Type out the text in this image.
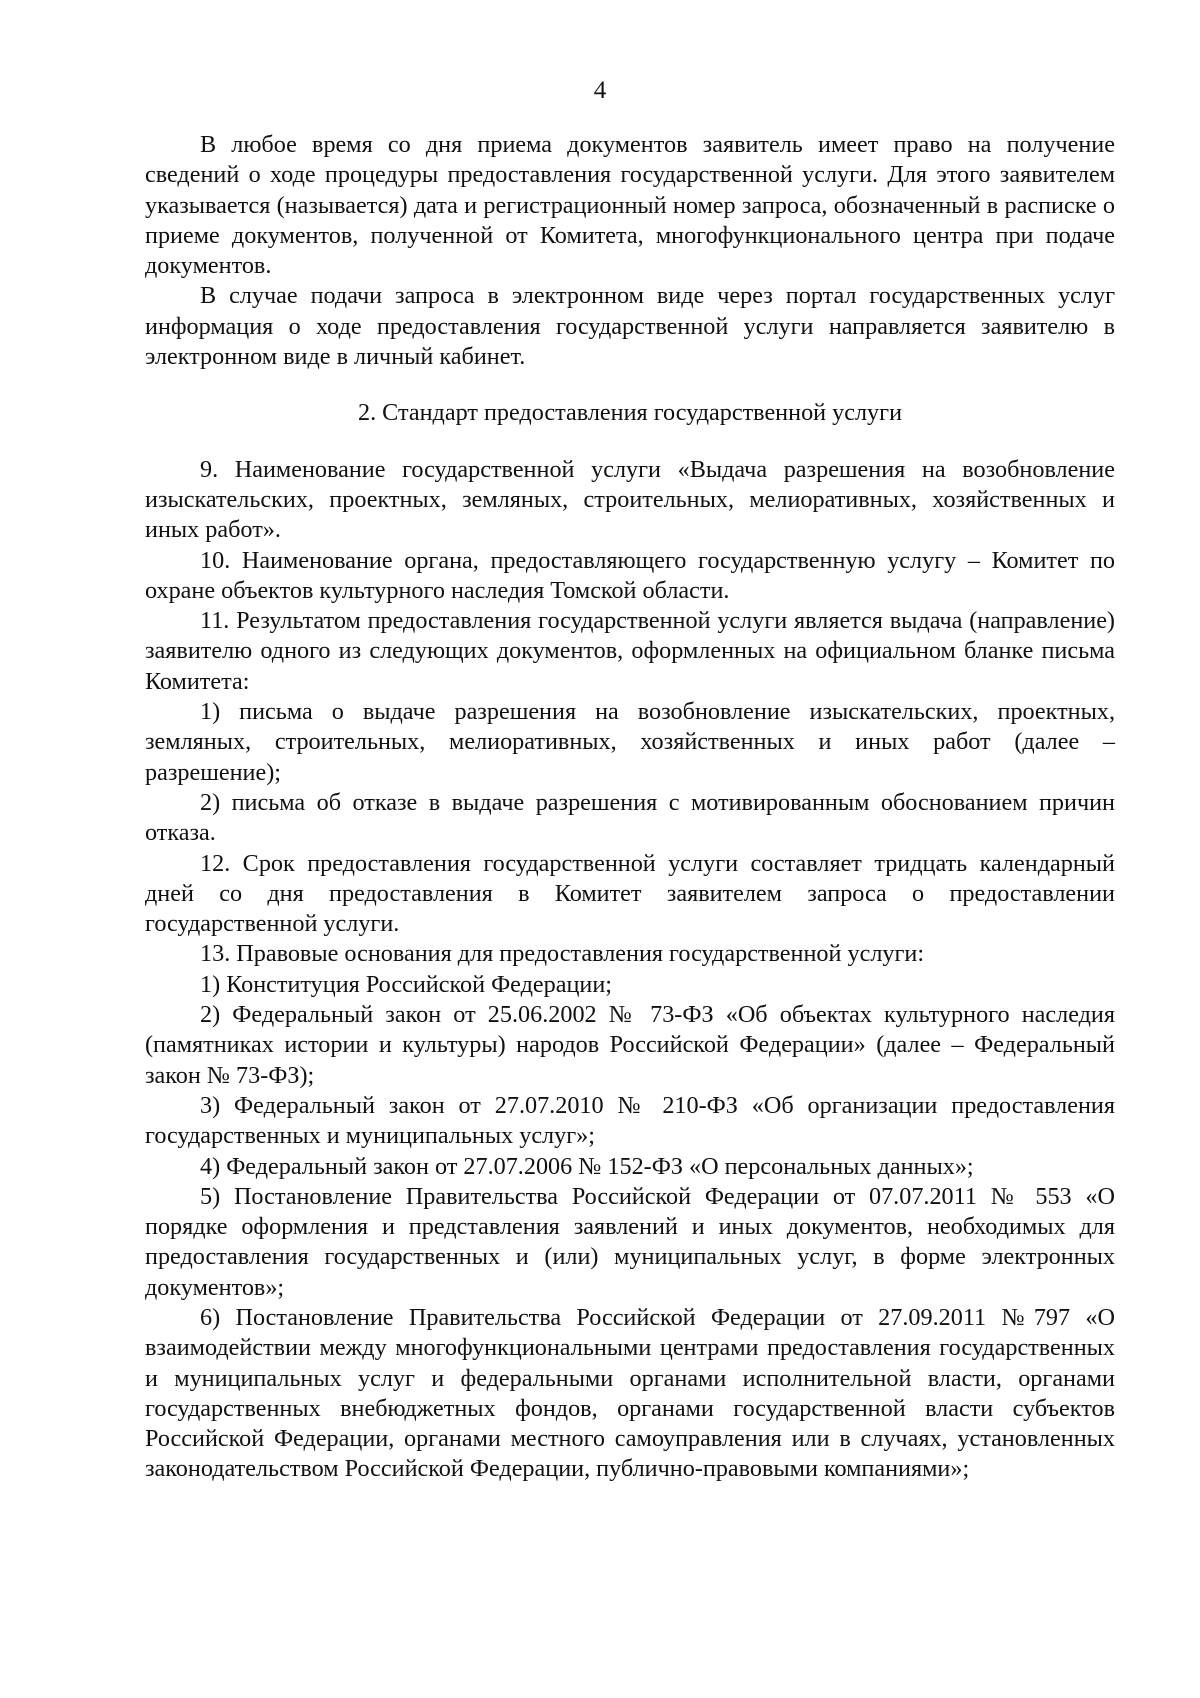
4

В любое время со дня приема документов заявитель имеет право на получение сведений о ходе процедуры предоставления государственной услуги. Для этого заявителем указывается (называется) дата и регистрационный номер запроса, обозначенный в расписке о приеме документов, полученной от Комитета, многофункционального центра при подаче документов.

В случае подачи запроса в электронном виде через портал государственных услуг информация о ходе предоставления государственной услуги направляется заявителю в электронном виде в личный кабинет.

2. Стандарт предоставления государственной услуги

9. Наименование государственной услуги «Выдача разрешения на возобновление изыскательских, проектных, земляных, строительных, мелиоративных, хозяйственных и иных работ».

10. Наименование органа, предоставляющего государственную услугу – Комитет по охране объектов культурного наследия Томской области.

11. Результатом предоставления государственной услуги является выдача (направление) заявителю одного из следующих документов, оформленных на официальном бланке письма Комитета:

1) письма о выдаче разрешения на возобновление изыскательских, проектных, земляных, строительных, мелиоративных, хозяйственных и иных работ (далее – разрешение);

2) письма об отказе в выдаче разрешения с мотивированным обоснованием причин отказа.

12. Срок предоставления государственной услуги составляет тридцать календарный дней со дня предоставления в Комитет заявителем запроса о предоставлении государственной услуги.

13. Правовые основания для предоставления государственной услуги:

1) Конституция Российской Федерации;

2) Федеральный закон от 25.06.2002 № 73-ФЗ «Об объектах культурного наследия (памятниках истории и культуры) народов Российской Федерации» (далее – Федеральный закон № 73-ФЗ);

3) Федеральный закон от 27.07.2010 № 210-ФЗ «Об организации предоставления государственных и муниципальных услуг»;

4) Федеральный закон от 27.07.2006 № 152-ФЗ «О персональных данных»;

5) Постановление Правительства Российской Федерации от 07.07.2011 № 553 «О порядке оформления и представления заявлений и иных документов, необходимых для предоставления государственных и (или) муниципальных услуг, в форме электронных документов»;

6) Постановление Правительства Российской Федерации от 27.09.2011 №797 «О взаимодействии между многофункциональными центрами предоставления государственных и муниципальных услуг и федеральными органами исполнительной власти, органами государственных внебюджетных фондов, органами государственной власти субъектов Российской Федерации, органами местного самоуправления или в случаях, установленных законодательством Российской Федерации, публично-правовыми компаниями»;
